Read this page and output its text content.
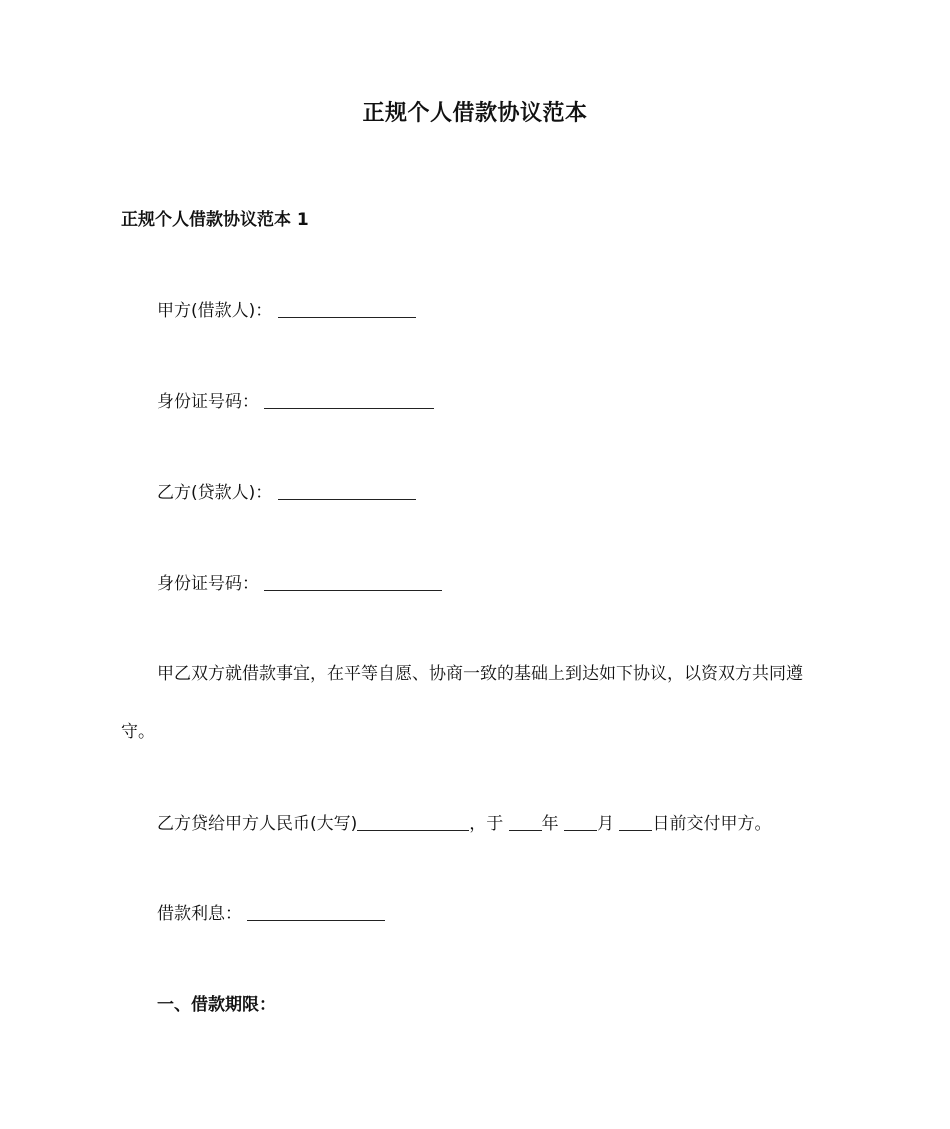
正规个人借款协议范本
正规个人借款协议范本 1
甲方(借款人)：
身份证号码：
乙方(贷款人)：
身份证号码：
甲乙双方就借款事宜，在平等自愿、协商一致的基础上到达如下协议，以资双方共同遵守。
乙方贷给甲方人民币(大写)	，于 年 月 日前交付甲方。
借款利息：
一、借款期限：
